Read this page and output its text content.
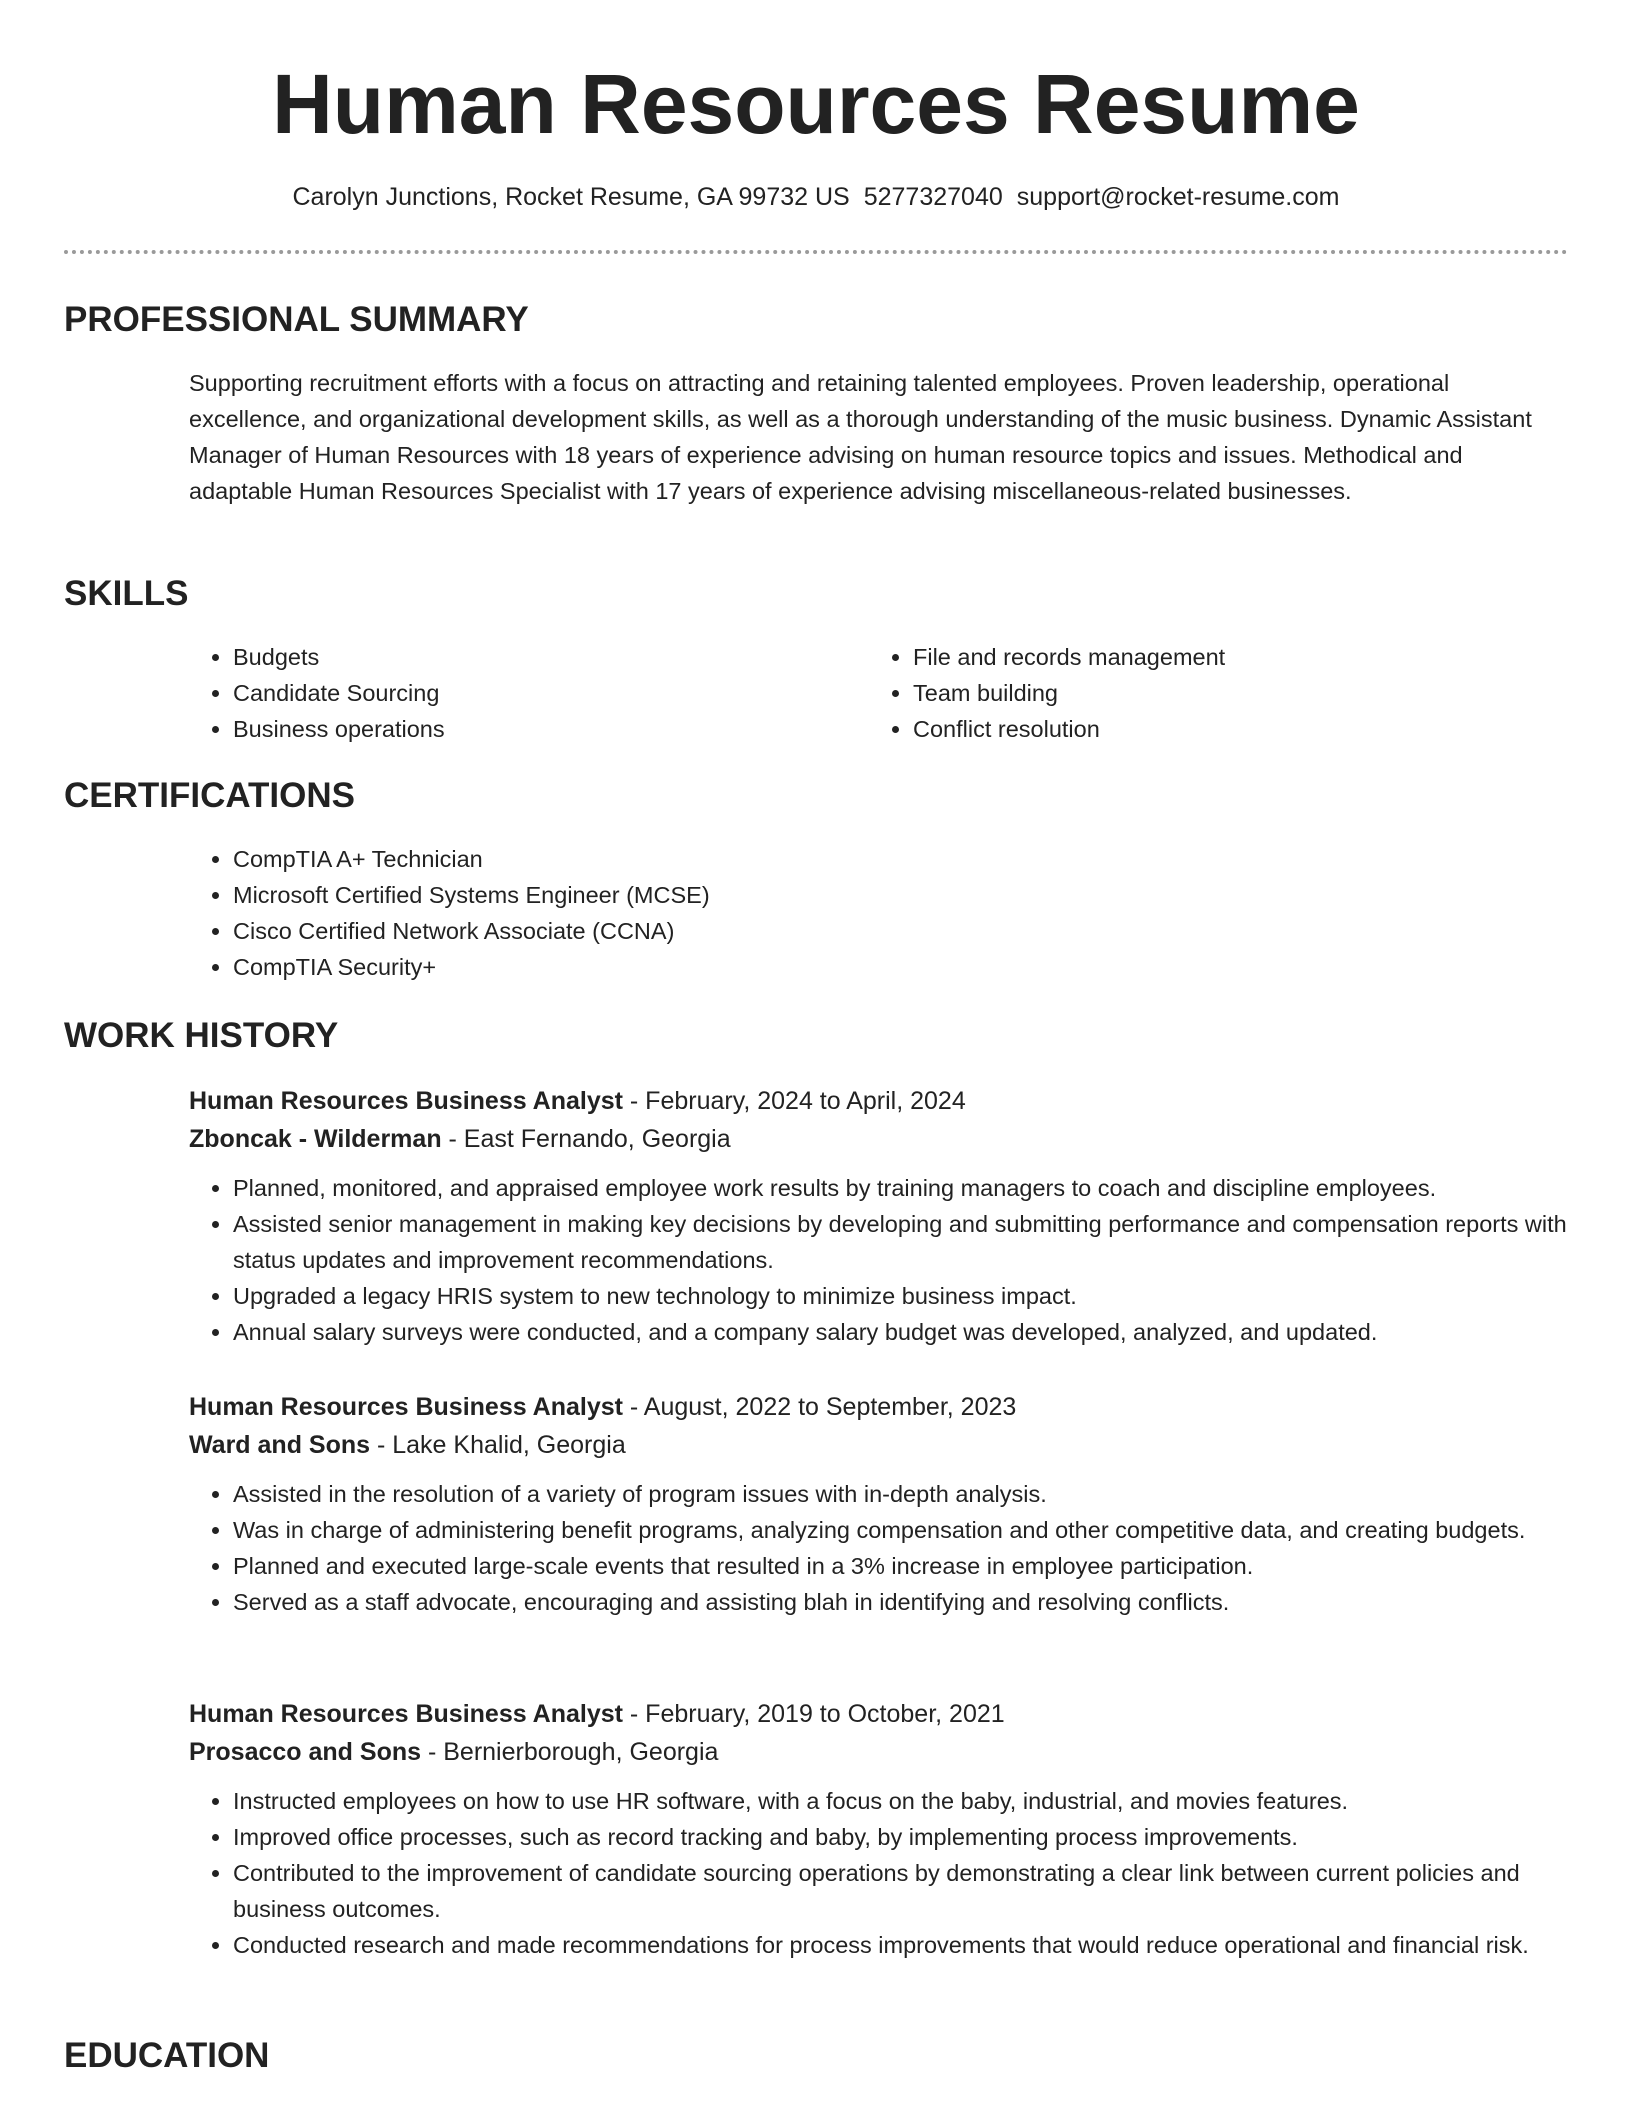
Human Resources Resume
Carolyn Junctions, Rocket Resume, GA 99732 US 5277327040 support@rocket-resume.com
PROFESSIONAL SUMMARY
Supporting recruitment efforts with a focus on attracting and retaining talented employees. Proven leadership, operational excellence, and organizational development skills, as well as a thorough understanding of the music business. Dynamic Assistant Manager of Human Resources with 18 years of experience advising on human resource topics and issues. Methodical and adaptable Human Resources Specialist with 17 years of experience advising miscellaneous-related businesses.
SKILLS
• Budgets
• Candidate Sourcing
• Business operations
• File and records management
• Team building
• Conflict resolution
CERTIFICATIONS
• CompTIA A+ Technician
• Microsoft Certified Systems Engineer (MCSE)
• Cisco Certified Network Associate (CCNA)
• CompTIA Security+
WORK HISTORY
Human Resources Business Analyst - February, 2024 to April, 2024
Zboncak - Wilderman - East Fernando, Georgia
• Planned, monitored, and appraised employee work results by training managers to coach and discipline employees.
• Assisted senior management in making key decisions by developing and submitting performance and compensation reports with status updates and improvement recommendations.
• Upgraded a legacy HRIS system to new technology to minimize business impact.
• Annual salary surveys were conducted, and a company salary budget was developed, analyzed, and updated.
Human Resources Business Analyst - August, 2022 to September, 2023
Ward and Sons - Lake Khalid, Georgia
• Assisted in the resolution of a variety of program issues with in-depth analysis.
• Was in charge of administering benefit programs, analyzing compensation and other competitive data, and creating budgets.
• Planned and executed large-scale events that resulted in a 3% increase in employee participation.
• Served as a staff advocate, encouraging and assisting blah in identifying and resolving conflicts.
Human Resources Business Analyst - February, 2019 to October, 2021
Prosacco and Sons - Bernierborough, Georgia
• Instructed employees on how to use HR software, with a focus on the baby, industrial, and movies features.
• Improved office processes, such as record tracking and baby, by implementing process improvements.
• Contributed to the improvement of candidate sourcing operations by demonstrating a clear link between current policies and business outcomes.
• Conducted research and made recommendations for process improvements that would reduce operational and financial risk.
EDUCATION
